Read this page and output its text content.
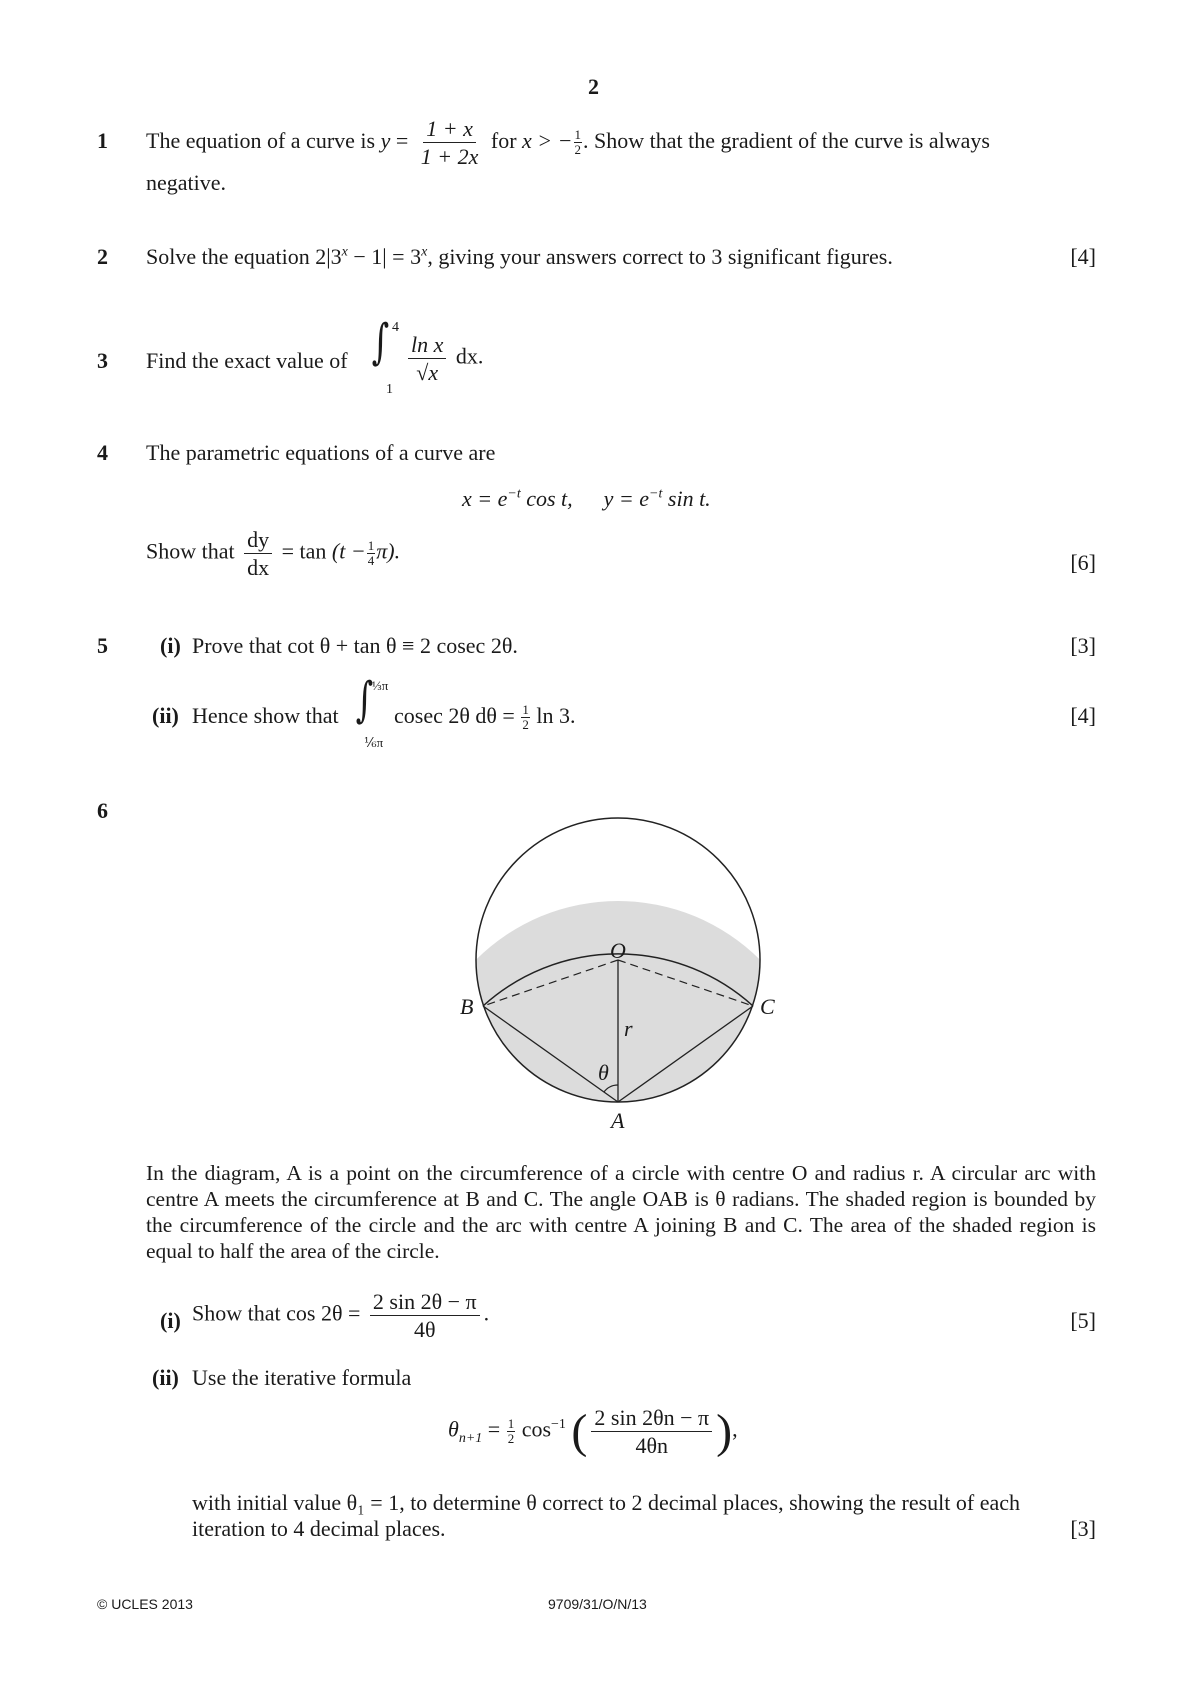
2
1 The equation of a curve is $y = \frac{1 + x}{1 + 2x}$ for x > − $\frac{1}{2}$ . Show that the gradient of the curve is always
negative.
2 Solve the equation $2|3^x - 1| = 3^x$, giving your answers correct to 3 significant figures.	[4]
3 Find the exact value of ∫ 4
1
$\frac{\text{ln x}}{√x}$ dx.
4 The parametric equations of a curve are
$x = e^{-t}$ cos t, $y = e^{-t}$ sin t.
Show that $\frac{dy}{dx} = \tan (t - \frac{1}{4} \pi)$.	[6]
5 (i) Prove that cot θ + tan θ ≡ 2 cosec 2θ.	[3]
(ii) Hence show that ∫
⅓π
⅙π
cosec 2θ $d\theta = \frac{1}{2}$ ln 3.	[4]
6
O
B	C
r
θ
A
In the diagram, A is a point on the circumference of a circle with centre O and radius r. A circular arc with centre A meets the circumference at B and C. The angle OAB is θ radians. The shaded region is bounded by the circumference of the circle and the arc with centre A joining B and C. The area of the shaded region is equal to half the area of the circle.
(i) Show that $\cos 2\theta = \frac{2 \sin 2\theta - \pi}{4\theta}$ .	[5]
(ii) Use the iterative formula
$\theta_{n+1} = \frac{1}{2} \cos^{-1}$ ( $\frac{2 \sin 2\theta n - \pi}{4\theta n}$ ),
with initial value θ₁ = 1, to determine θ correct to 2 decimal places, showing the result of each
iteration to 4 decimal places.	[3]
© UCLES 2013	9709/31/O/N/13
